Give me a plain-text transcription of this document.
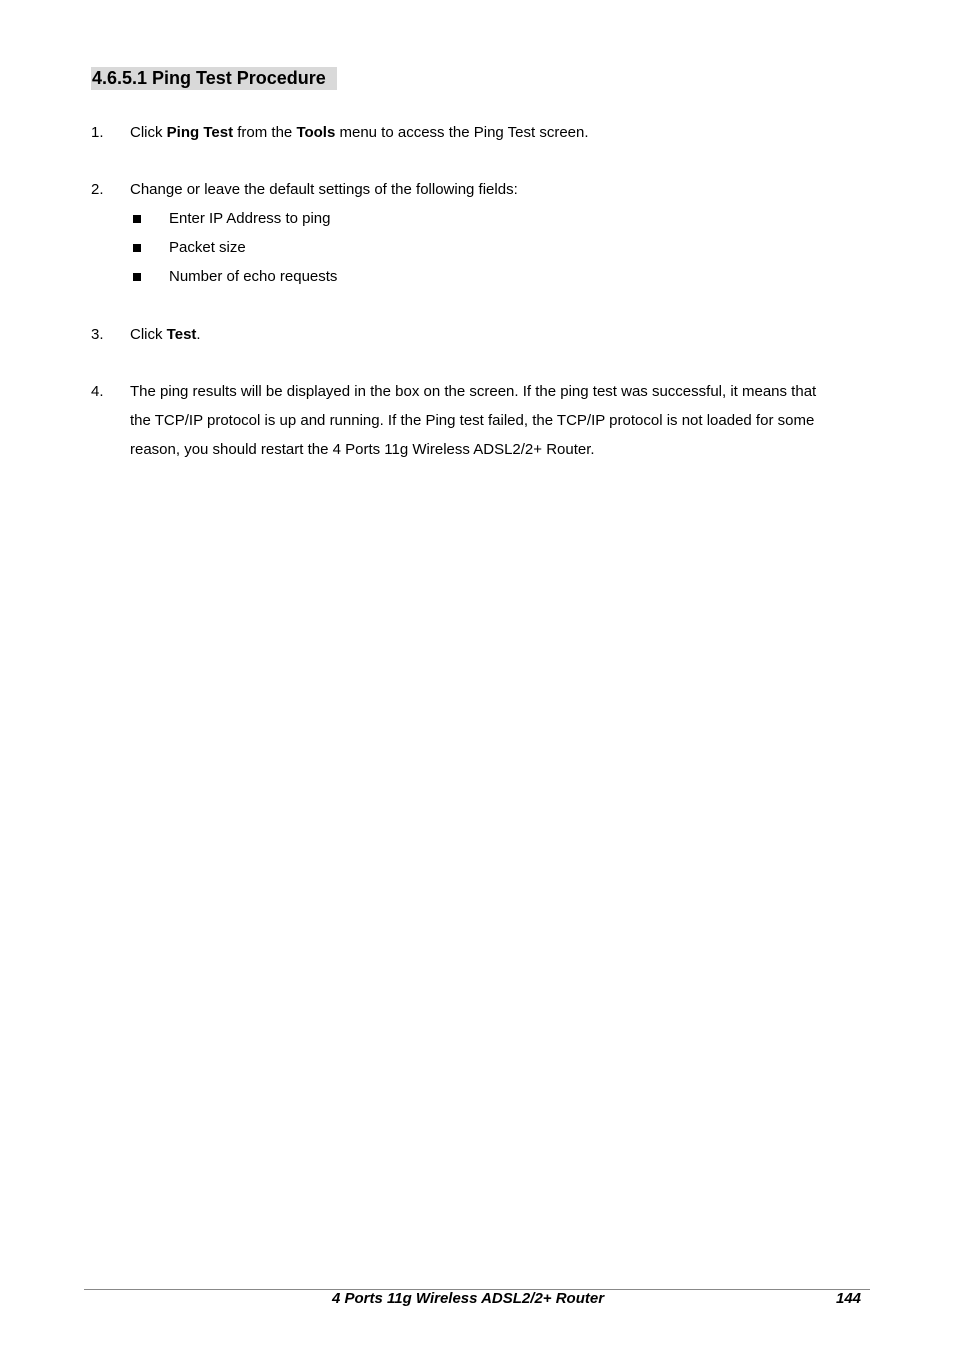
4.6.5.1 Ping Test Procedure
1. Click Ping Test from the Tools menu to access the Ping Test screen.
2. Change or leave the default settings of the following fields:
Enter IP Address to ping
Packet size
Number of echo requests
3. Click Test.
4. The ping results will be displayed in the box on the screen. If the ping test was successful, it means that
the TCP/IP protocol is up and running. If the Ping test failed, the TCP/IP protocol is not loaded for some
reason, you should restart the 4 Ports 11g Wireless ADSL2/2+ Router.
4 Ports 11g Wireless ADSL2/2+ Router	144
